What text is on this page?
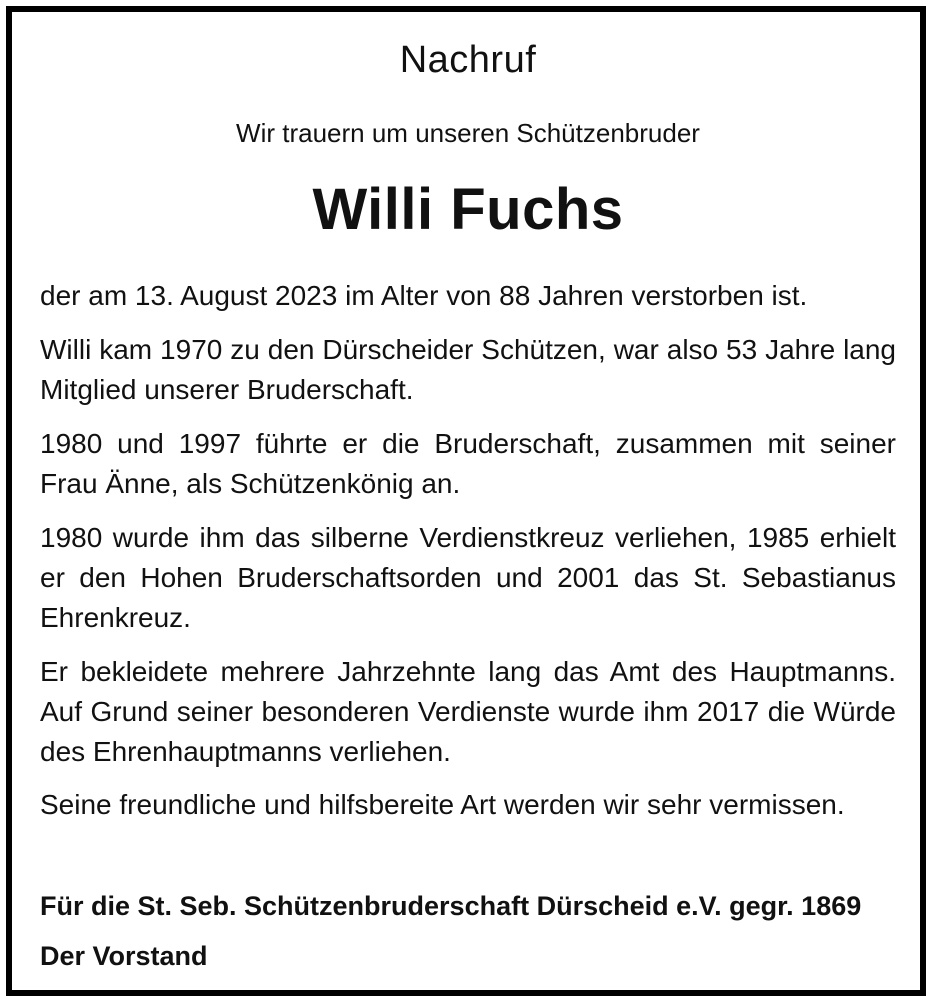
Nachruf
Wir trauern um unseren Schützenbruder
Willi Fuchs

der am 13. August 2023 im Alter von 88 Jahren verstorben ist.

Willi kam 1970 zu den Dürscheider Schützen, war also 53 Jahre lang Mitglied unserer Bruderschaft.

1980 und 1997 führte er die Bruderschaft, zusammen mit seiner Frau Änne, als Schützenkönig an.

1980 wurde ihm das silberne Verdienstkreuz verliehen, 1985 erhielt er den Hohen Bruderschaftsorden und 2001 das St. Sebastianus Ehrenkreuz.

Er bekleidete mehrere Jahrzehnte lang das Amt des Hauptmanns. Auf Grund seiner besonderen Verdienste wurde ihm 2017 die Würde des Ehrenhauptmanns verliehen.

Seine freundliche und hilfsbereite Art werden wir sehr vermissen.

Für die St. Seb. Schützenbruderschaft Dürscheid e.V. gegr. 1869
Der Vorstand
